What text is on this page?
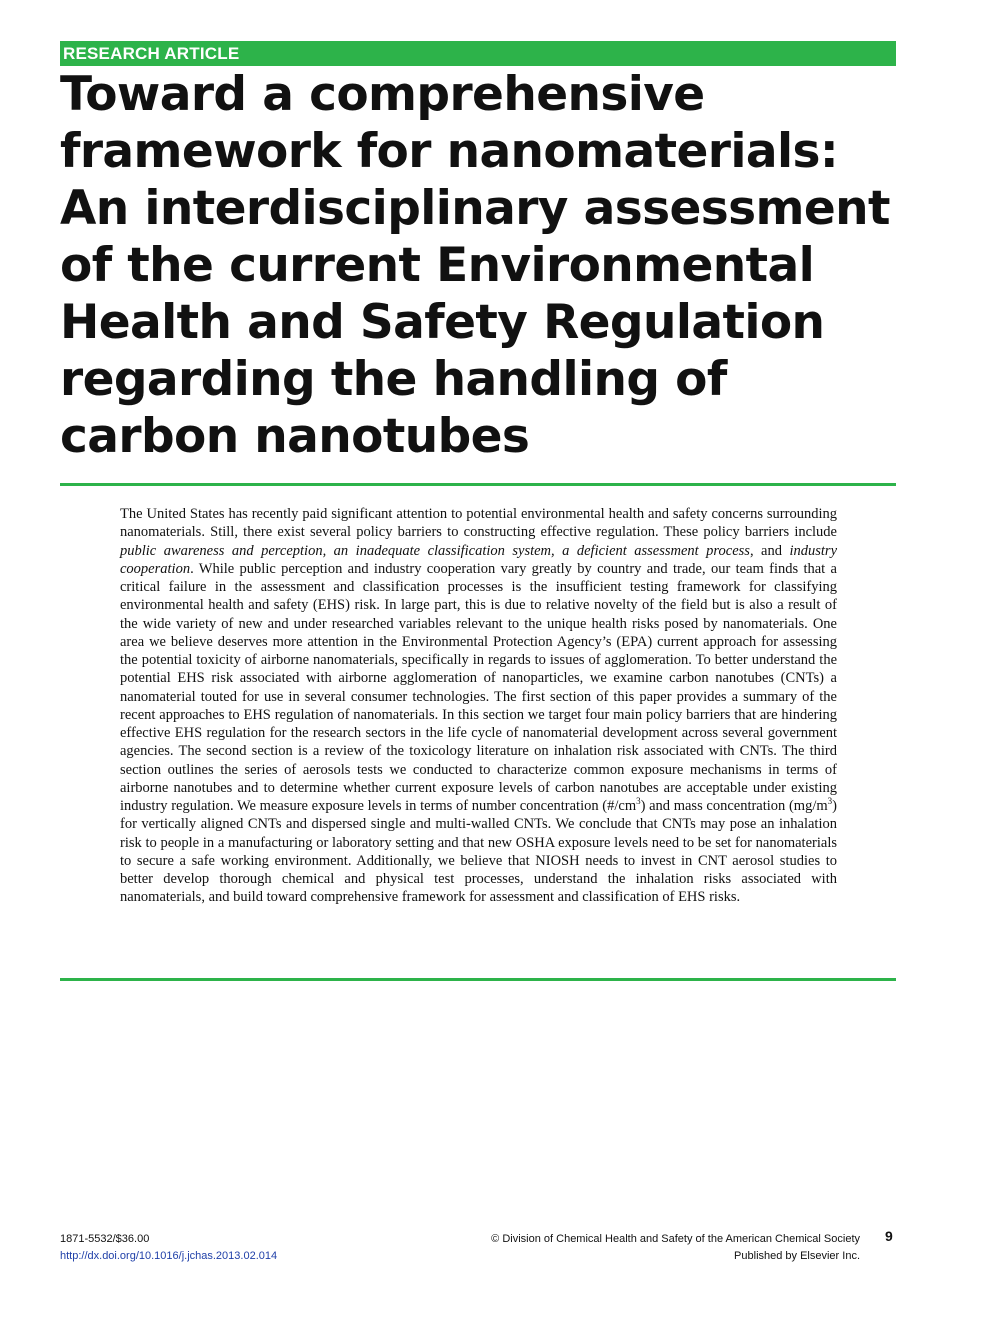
RESEARCH ARTICLE
Toward a comprehensive framework for nanomaterials: An interdisciplinary assessment of the current Environmental Health and Safety Regulation regarding the handling of carbon nanotubes

The United States has recently paid significant attention to potential environmental health and safety concerns surrounding nanomaterials. Still, there exist several policy barriers to constructing effective regulation. These policy barriers include public awareness and perception, an inadequate classification system, a deficient assessment process, and industry cooperation. While public perception and industry cooperation vary greatly by country and trade, our team finds that a critical failure in the assessment and classification processes is the insufficient testing framework for classifying environmental health and safety (EHS) risk. In large part, this is due to relative novelty of the field but is also a result of the wide variety of new and under researched variables relevant to the unique health risks posed by nanomaterials. One area we believe deserves more attention in the Environmental Protection Agency’s (EPA) current approach for assessing the potential toxicity of airborne nanomaterials, specifically in regards to issues of agglomeration. To better understand the potential EHS risk associated with airborne agglomeration of nanoparticles, we examine carbon nanotubes (CNTs) a nanomaterial touted for use in several consumer technologies. The first section of this paper provides a summary of the recent approaches to EHS regulation of nanomaterials. In this section we target four main policy barriers that are hindering effective EHS regulation for the research sectors in the life cycle of nanomaterial development across several government agencies. The second section is a review of the toxicology literature on inhalation risk associated with CNTs. The third section outlines the series of aerosols tests we conducted to characterize common exposure mechanisms in terms of airborne nanotubes and to determine whether current exposure levels of carbon nanotubes are acceptable under existing industry regulation. We measure exposure levels in terms of number concentration $(\#/cm^3)$ and mass concentration $(mg/m^3)$ for vertically aligned CNTs and dispersed single and multi-walled CNTs. We conclude that CNTs may pose an inhalation risk to people in a manufacturing or laboratory setting and that new OSHA exposure levels need to be set for nanomaterials to secure a safe working environment. Additionally, we believe that NIOSH needs to invest in CNT aerosol studies to better develop thorough chemical and physical test processes, understand the inhalation risks associated with nanomaterials, and build toward comprehensive framework for assessment and classification of EHS risks.

1871-5532/$36.00
http://dx.doi.org/10.1016/j.jchas.2013.02.014
© Division of Chemical Health and Safety of the American Chemical Society
Published by Elsevier Inc.
9
